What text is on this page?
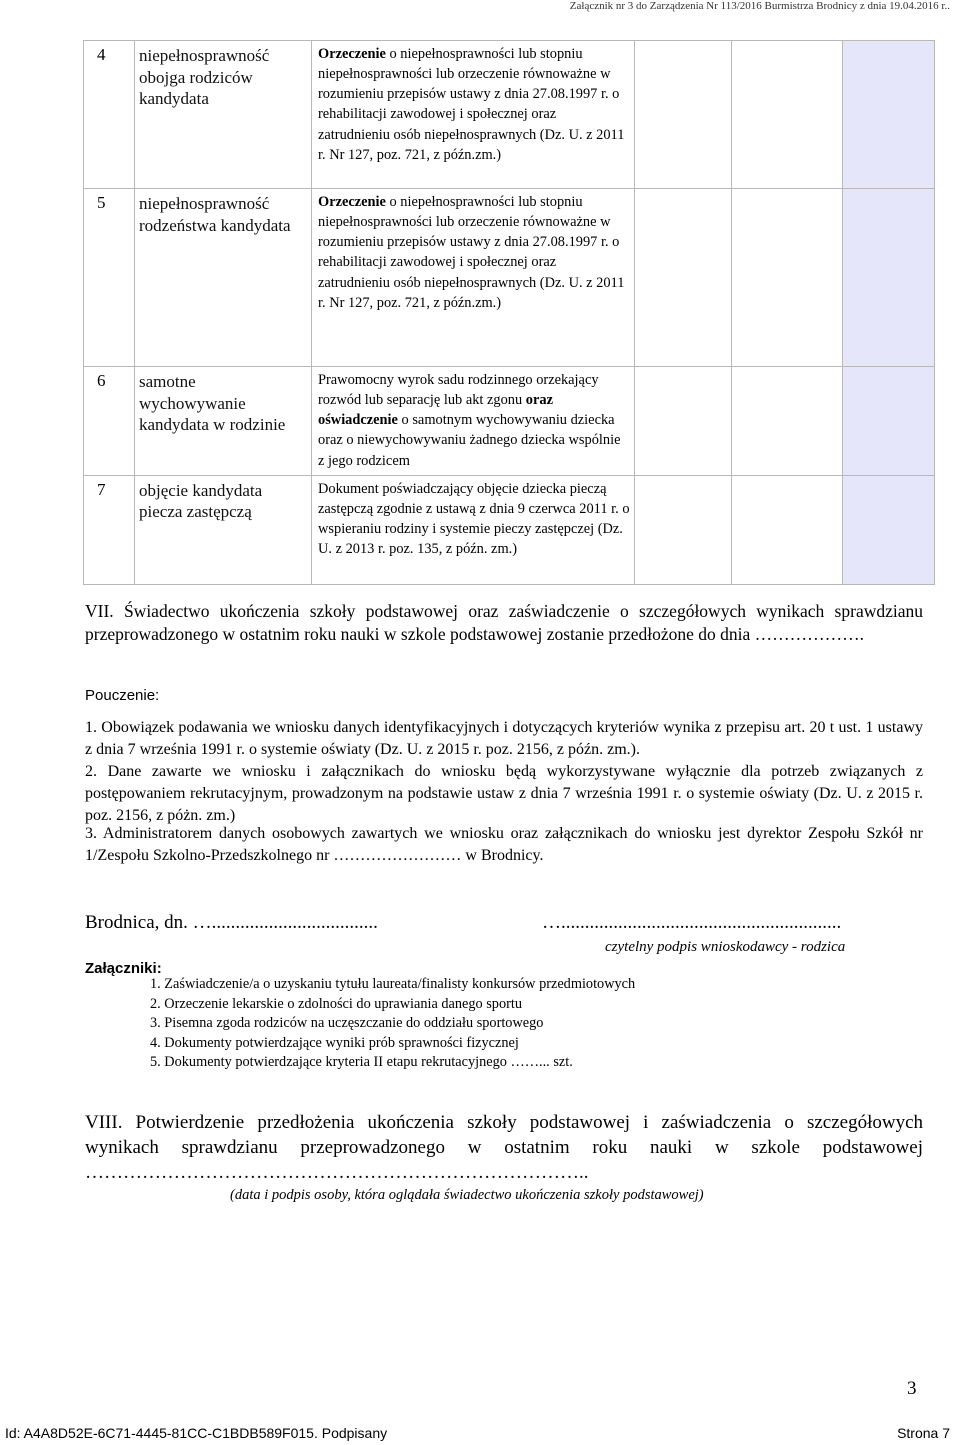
Załącznik nr 3 do Zarządzenia Nr 113/2016 Burmistrza Brodnicy z dnia 19.04.2016 r..
4	niepełnosprawność obojga rodziców kandydata	Orzeczenie o niepełnosprawności lub stopniu niepełnosprawności lub orzeczenie równoważne w rozumieniu przepisów ustawy z dnia 27.08.1997 r. o rehabilitacji zawodowej i społecznej oraz zatrudnieniu osób niepełnosprawnych (Dz. U. z 2011 r. Nr 127, poz. 721, z późn.zm.)			
5	niepełnosprawność rodzeństwa kandydata	Orzeczenie o niepełnosprawności lub stopniu niepełnosprawności lub orzeczenie równoważne w rozumieniu przepisów ustawy z dnia 27.08.1997 r. o rehabilitacji zawodowej i społecznej oraz zatrudnieniu osób niepełnosprawnych (Dz. U. z 2011 r. Nr 127, poz. 721, z późn.zm.)			
6	samotne wychowywanie kandydata w rodzinie	Prawomocny wyrok sadu rodzinnego orzekający rozwód lub separację lub akt zgonu oraz oświadczenie o samotnym wychowywaniu dziecka oraz o niewychowywaniu żadnego dziecka wspólnie z jego rodzicem			
7	objęcie kandydata piecza zastępczą	Dokument poświadczający objęcie dziecka pieczą zastępczą zgodnie z ustawą z dnia 9 czerwca 2011 r. o wspieraniu rodziny i systemie pieczy zastępczej (Dz. U. z 2013 r. poz. 135, z późn. zm.)			
VII. Świadectwo ukończenia szkoły podstawowej oraz zaświadczenie o szczegółowych wynikach sprawdzianu przeprowadzonego w ostatnim roku nauki w szkole podstawowej zostanie przedłożone do dnia ……………….
Pouczenie:
1. Obowiązek podawania we wniosku danych identyfikacyjnych i dotyczących kryteriów wynika z przepisu art. 20 t ust. 1 ustawy z dnia 7 września 1991 r. o systemie oświaty (Dz. U. z 2015 r. poz. 2156, z późn. zm.).
2. Dane zawarte we wniosku i załącznikach do wniosku będą wykorzystywane wyłącznie dla potrzeb związanych z postępowaniem rekrutacyjnym, prowadzonym na podstawie ustaw z dnia 7 września 1991 r. o systemie oświaty (Dz. U. z 2015 r. poz. 2156, z póżn. zm.)
3. Administratorem danych osobowych zawartych we wniosku oraz załącznikach do wniosku jest dyrektor Zespołu Szkół nr 1/Zespołu Szkolno-Przedszkolnego nr …………………… w Brodnicy.
Brodnica, dn. …...................................	…...........................................................
czytelny podpis wnioskodawcy - rodzica
Załączniki:
1. Zaświadczenie/a o uzyskaniu tytułu laureata/finalisty konkursów przedmiotowych
2. Orzeczenie lekarskie o zdolności do uprawiania danego sportu
3. Pisemna zgoda rodziców na uczęszczanie do oddziału sportowego
4. Dokumenty potwierdzające wyniki prób sprawności fizycznej
5. Dokumenty potwierdzające kryteria II etapu rekrutacyjnego ……... szt.
VIII. Potwierdzenie przedłożenia ukończenia szkoły podstawowej i zaświadczenia o szczegółowych wynikach sprawdzianu przeprowadzonego w ostatnim roku nauki w szkole podstawowej ……………………………………………………………………..
(data i podpis osoby, która oglądała świadectwo ukończenia szkoły podstawowej)
3
Id: A4A8D52E-6C71-4445-81CC-C1BDB589F015. Podpisany	Strona 7
